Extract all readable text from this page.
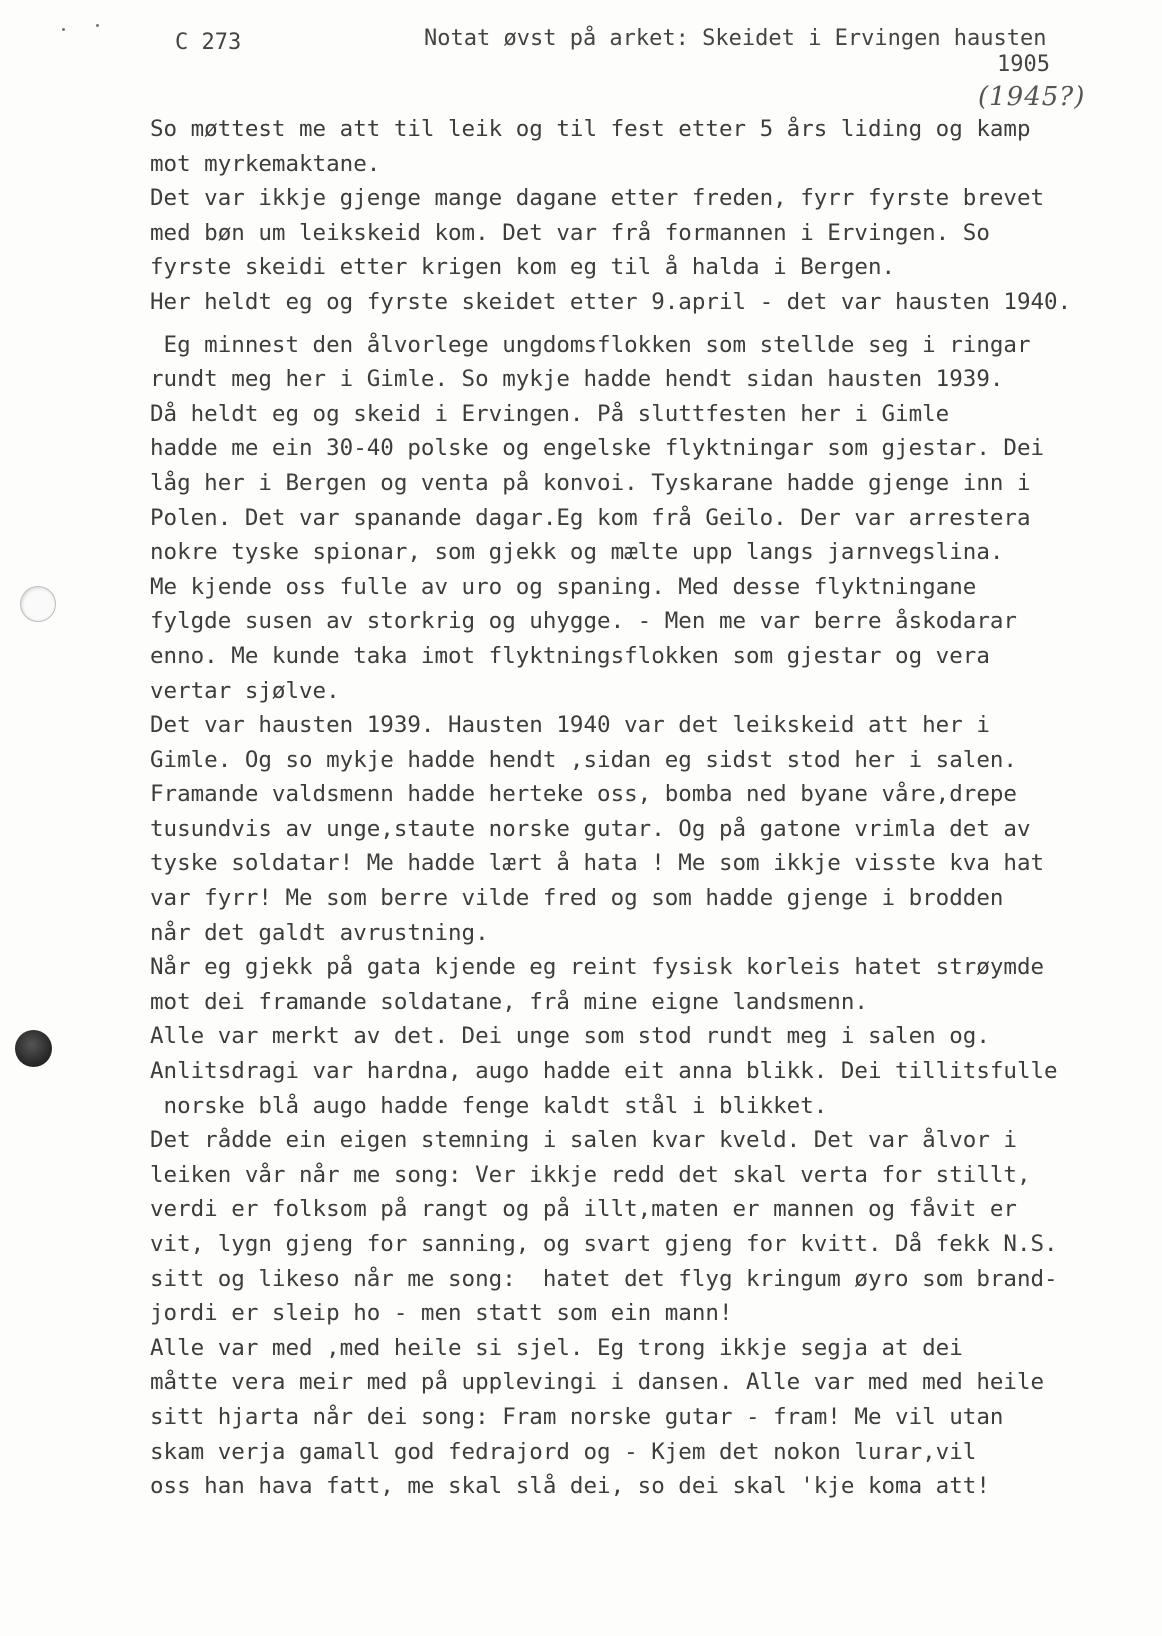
C 273	Notat øvst på arket: Skeidet i Ervingen hausten
1905
(1945?)
So møttest me att til leik og til fest etter 5 års liding og kamp
mot myrkemaktane.
Det var ikkje gjenge mange dagane etter freden, fyrr fyrste brevet
med bøn um leikskeid kom. Det var frå formannen i Ervingen. So
fyrste skeidi etter krigen kom eg til å halda i Bergen.
Her heldt eg og fyrste skeidet etter 9.april - det var hausten 1940.
Eg minnest den ålvorlege ungdomsflokken som stellde seg i ringar
rundt meg her i Gimle. So mykje hadde hendt sidan hausten 1939.
Då heldt eg og skeid i Ervingen. På sluttfesten her i Gimle
hadde me ein 30-40 polske og engelske flyktningar som gjestar. Dei
låg her i Bergen og venta på konvoi. Tyskarane hadde gjenge inn i
Polen. Det var spanande dagar.Eg kom frå Geilo. Der var arrestera
nokre tyske spionar, som gjekk og mælte upp langs jarnvegslina.
Me kjende oss fulle av uro og spaning. Med desse flyktningane
fylgde susen av storkrig og uhygge. - Men me var berre åskodarar
enno. Me kunde taka imot flyktningsflokken som gjestar og vera
vertar sjølve.
Det var hausten 1939. Hausten 1940 var det leikskeid att her i
Gimle. Og so mykje hadde hendt ,sidan eg sidst stod her i salen.
Framande valdsmenn hadde herteke oss, bomba ned byane våre,drepe
tusundvis av unge,staute norske gutar. Og på gatone vrimla det av
tyske soldatar! Me hadde lært å hata ! Me som ikkje visste kva hat
var fyrr! Me som berre vilde fred og som hadde gjenge i brodden
når det galdt avrustning.
Når eg gjekk på gata kjende eg reint fysisk korleis hatet strøymde
mot dei framande soldatane, frå mine eigne landsmenn.
Alle var merkt av det. Dei unge som stod rundt meg i salen og.
Anlitsdragi var hardna, augo hadde eit anna blikk. Dei tillitsfulle
norske blå augo hadde fenge kaldt stål i blikket.
Det rådde ein eigen stemning i salen kvar kveld. Det var ålvor i
leiken vår når me song: Ver ikkje redd det skal verta for stillt,
verdi er folksom på rangt og på illt,maten er mannen og fåvit er
vit, lygn gjeng for sanning, og svart gjeng for kvitt. Då fekk N.S.
sitt og likeso når me song:  hatet det flyg kringum øyro som brand-
jordi er sleip ho - men statt som ein mann!
Alle var med ,med heile si sjel. Eg trong ikkje segja at dei
måtte vera meir med på upplevingi i dansen. Alle var med med heile
sitt hjarta når dei song: Fram norske gutar - fram! Me vil utan
skam verja gamall god fedrajord og - Kjem det nokon lurar,vil
oss han hava fatt, me skal slå dei, so dei skal 'kje koma att!
